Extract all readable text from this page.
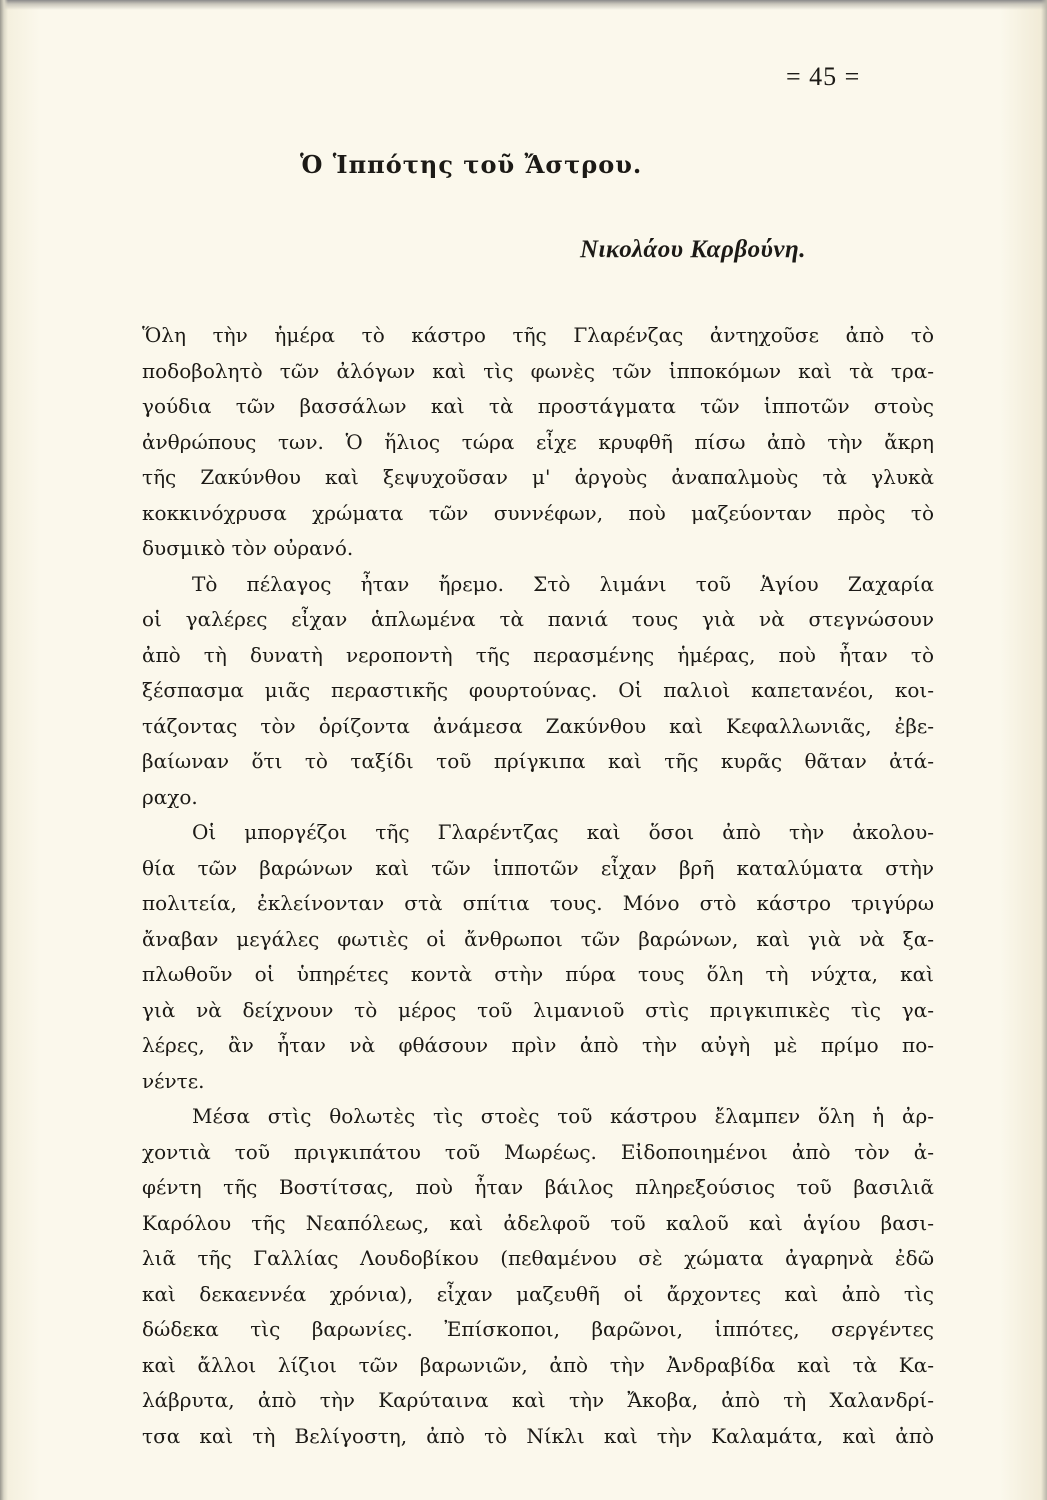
= 45 =
Ὁ Ἱππότης τοῦ Ἄστρου.
Νικολάου Καρβούνη.
Ὅλη τὴν ἡμέρα τὸ κάστρο τῆς Γλαρένζας ἀντηχοῦσε ἀπὸ τὸ
ποδοβολητὸ τῶν ἀλόγων καὶ τὶς φωνὲς τῶν ἱπποκόμων καὶ τὰ τρα-
γούδια τῶν βασσάλων καὶ τὰ προστάγματα τῶν ἱπποτῶν στοὺς
ἀνθρώπους των. Ὁ ἥλιος τώρα εἶχε κρυφθῆ πίσω ἀπὸ τὴν ἄκρη
τῆς Ζακύνθου καὶ ξεψυχοῦσαν μ' ἀργοὺς ἀναπαλμοὺς τὰ γλυκὰ
κοκκινόχρυσα χρώματα τῶν συννέφων, ποὺ μαζεύονταν πρὸς τὸ
δυσμικὸ τὸν οὐρανό.
Τὸ πέλαγος ἦταν ἤρεμο. Στὸ λιμάνι τοῦ Ἁγίου Ζαχαρία
οἱ γαλέρες εἶχαν ἁπλωμένα τὰ πανιά τους γιὰ νὰ στεγνώσουν
ἀπὸ τὴ δυνατὴ νεροποντὴ τῆς περασμένης ἡμέρας, ποὺ ἦταν τὸ
ξέσπασμα μιᾶς περαστικῆς φουρτούνας. Οἱ παλιοὶ καπετανέοι, κοι-
τάζοντας τὸν ὁρίζοντα ἀνάμεσα Ζακύνθου καὶ Κεφαλλωνιᾶς, ἐβε-
βαίωναν ὅτι τὸ ταξίδι τοῦ πρίγκιπα καὶ τῆς κυρᾶς θᾶταν ἀτά-
ραχο.
Οἱ μποργέζοι τῆς Γλαρέντζας καὶ ὅσοι ἀπὸ τὴν ἀκολου-
θία τῶν βαρώνων καὶ τῶν ἱπποτῶν εἶχαν βρῆ καταλύματα στὴν
πολιτεία, ἐκλείνονταν στὰ σπίτια τους. Μόνο στὸ κάστρο τριγύρω
ἄναβαν μεγάλες φωτιὲς οἱ ἄνθρωποι τῶν βαρώνων, καὶ γιὰ νὰ ξα-
πλωθοῦν οἱ ὑπηρέτες κοντὰ στὴν πύρα τους ὅλη τὴ νύχτα, καὶ
γιὰ νὰ δείχνουν τὸ μέρος τοῦ λιμανιοῦ στὶς πριγκιπικὲς τὶς γα-
λέρες, ἂν ἦταν νὰ φθάσουν πρὶν ἀπὸ τὴν αὐγὴ μὲ πρίμο πο-
νέντε.
Μέσα στὶς θολωτὲς τὶς στοὲς τοῦ κάστρου ἔλαμπεν ὅλη ἡ ἀρ-
χοντιὰ τοῦ πριγκιπάτου τοῦ Μωρέως. Εἰδοποιημένοι ἀπὸ τὸν ἀ-
φέντη τῆς Βοστίτσας, ποὺ ἦταν βάιλος πληρεξούσιος τοῦ βασιλιᾶ
Καρόλου τῆς Νεαπόλεως, καὶ ἀδελφοῦ τοῦ καλοῦ καὶ ἁγίου βασι-
λιᾶ τῆς Γαλλίας Λουδοβίκου (πεθαμένου σὲ χώματα ἀγαρηνὰ ἐδῶ
καὶ δεκαεννέα χρόνια), εἶχαν μαζευθῆ οἱ ἄρχοντες καὶ ἀπὸ τὶς
δώδεκα τὶς βαρωνίες. Ἐπίσκοποι, βαρῶνοι, ἱππότες, σεργέντες
καὶ ἄλλοι λίζιοι τῶν βαρωνιῶν, ἀπὸ τὴν Ἀνδραβίδα καὶ τὰ Κα-
λάβρυτα, ἀπὸ τὴν Καρύταινα καὶ τὴν Ἄκοβα, ἀπὸ τὴ Χαλανδρί-
τσα καὶ τὴ Βελίγοστη, ἀπὸ τὸ Νίκλι καὶ τὴν Καλαμάτα, καὶ ἀπὸ
